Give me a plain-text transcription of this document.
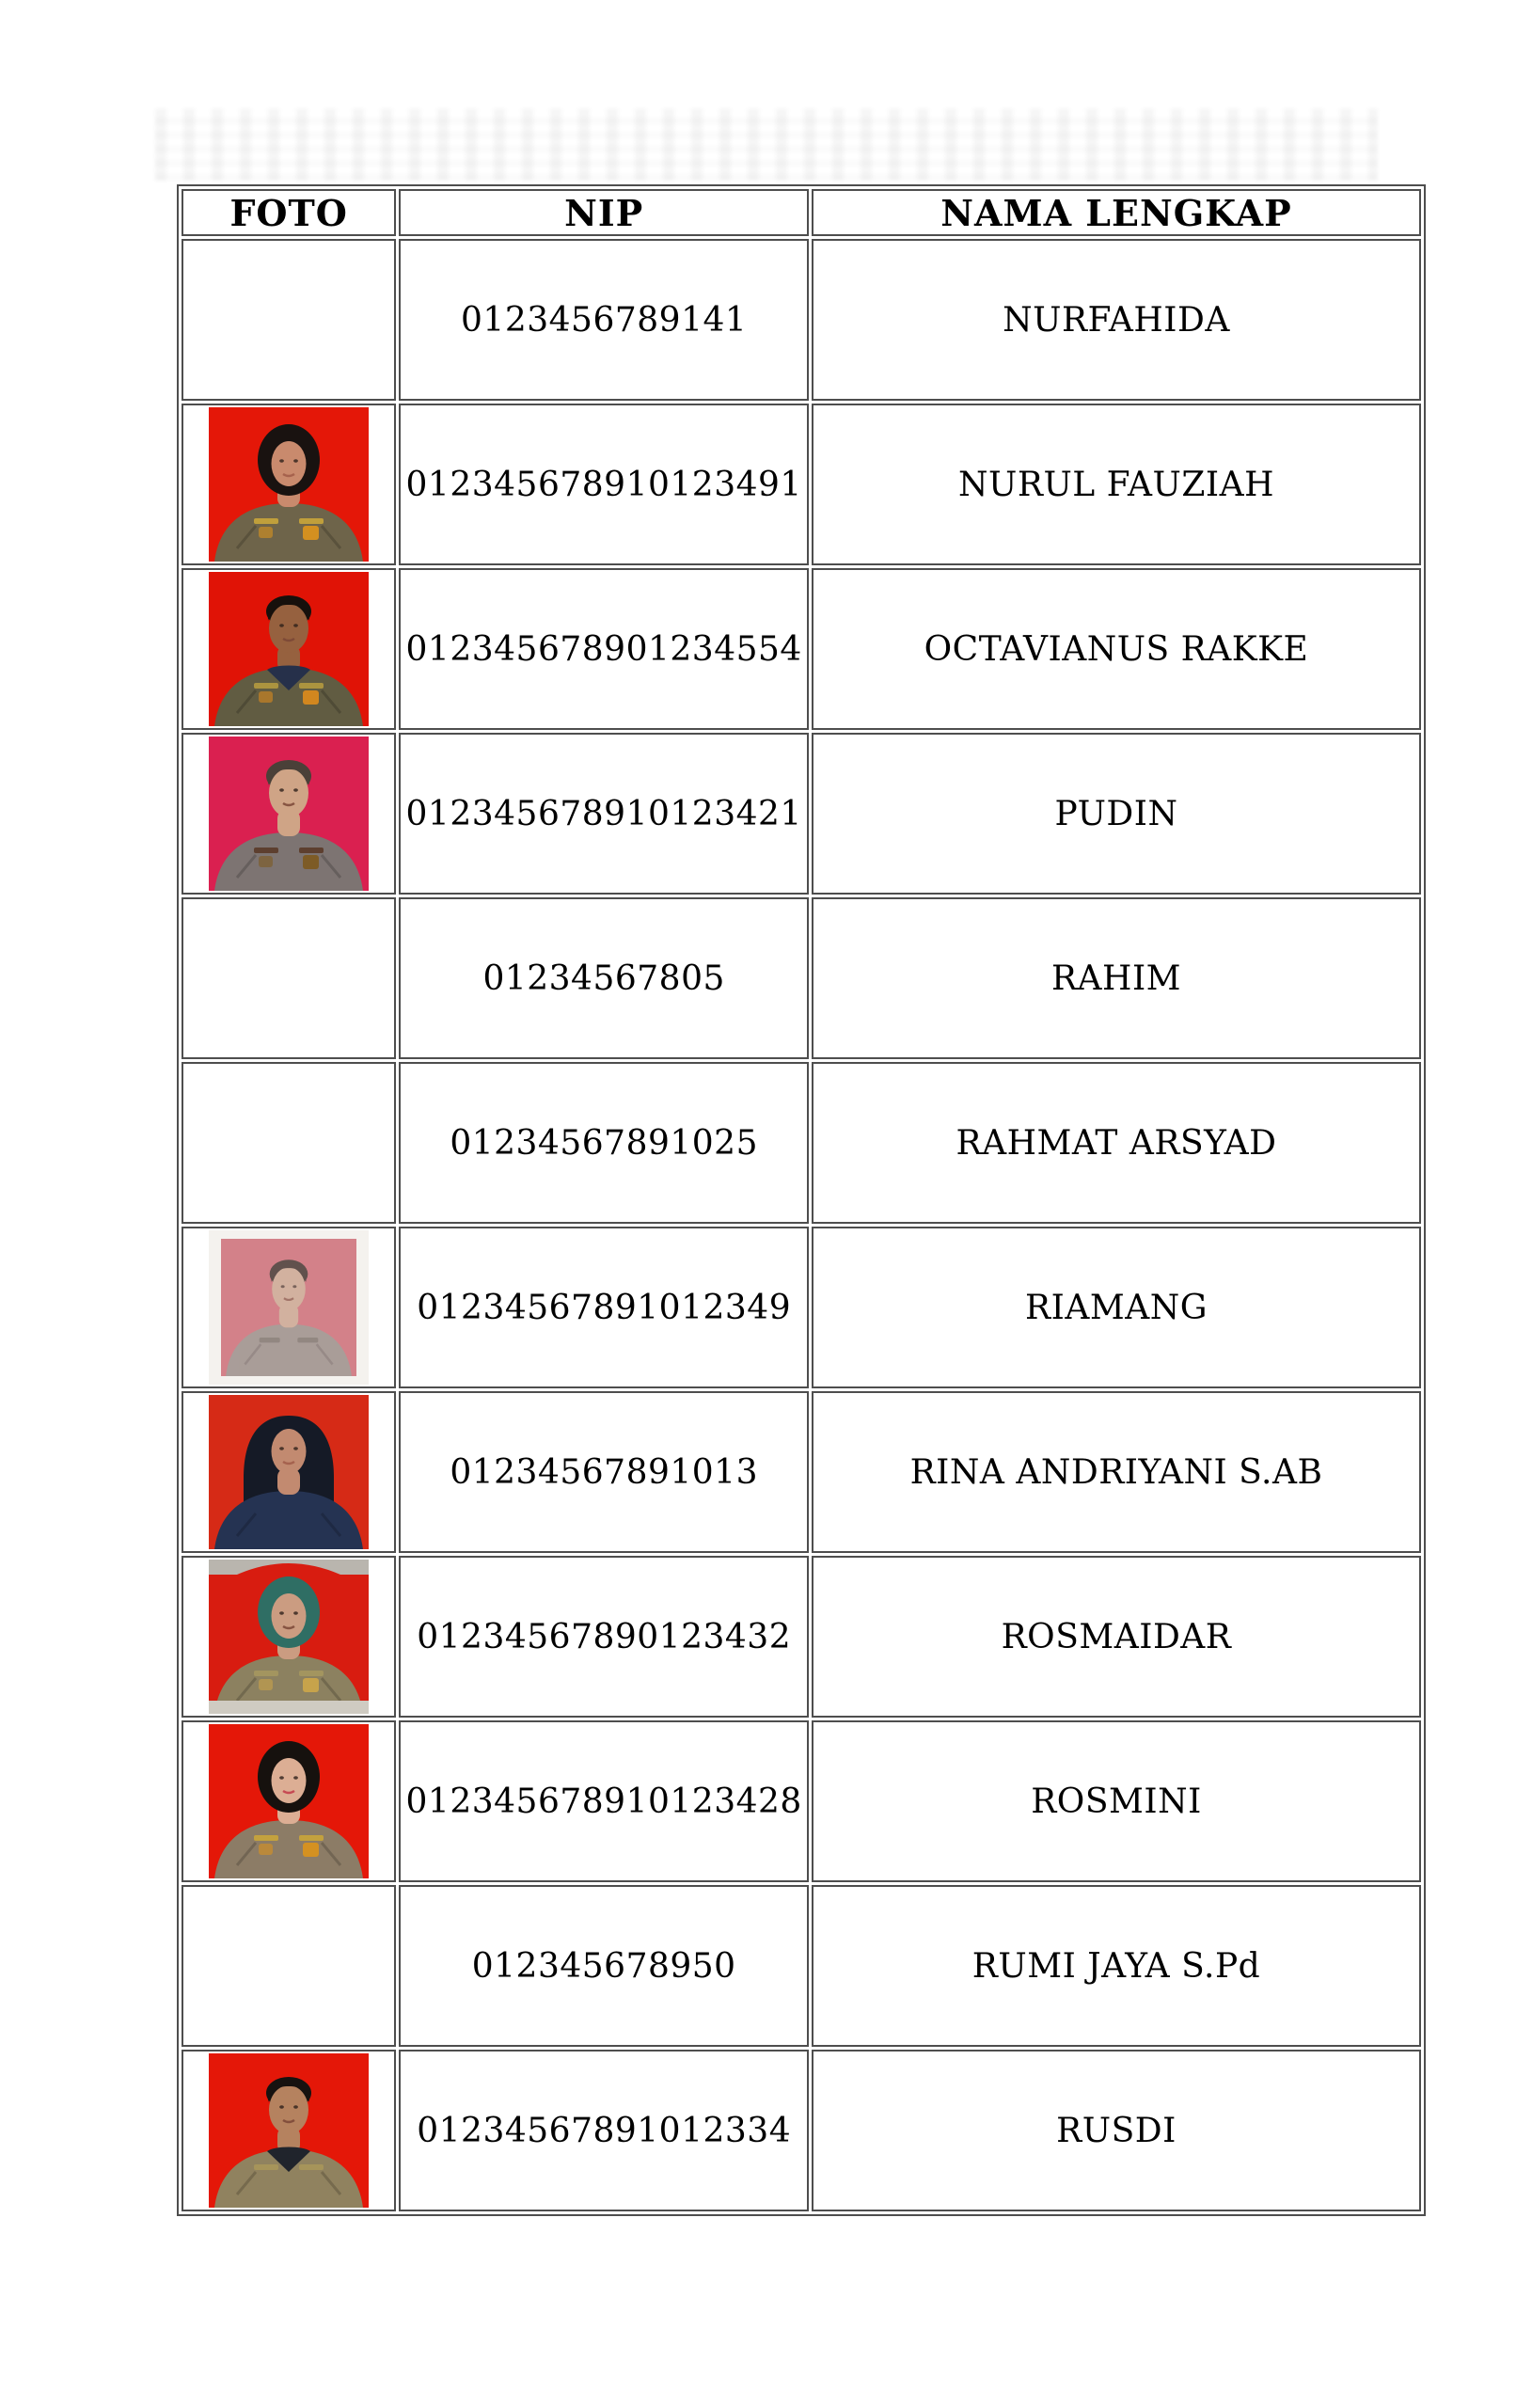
FOTO	NIP	NAMA LENGKAP
	0123456789141	NURFAHIDA

	012345678910123491	NURUL FAUZIAH

	012345678901234554	OCTAVIANUS RAKKE

	012345678910123421	PUDIN
	01234567805	RAHIM
	01234567891025	RAHMAT ARSYAD

	01234567891012349	RIAMANG

	01234567891013	RINA ANDRIYANI S.AB

	01234567890123432	ROSMAIDAR

	012345678910123428	ROSMINI
	012345678950	RUMI JAYA S.Pd

	01234567891012334	RUSDI
